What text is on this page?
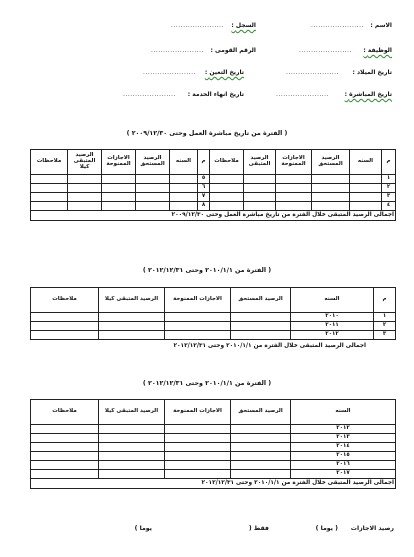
الاسم :
......................
السجل :
......................
الوظيفة :
......................
الرقم القومى :
......................
تاريخ الميلاد :
......................
تاريخ التعين :
......................
تاريخ المباشرة :
......................
تاريخ انهاء الخدمة :
......................
( الفترة من تاريخ مباشرة العمل وحتى ٢٠٠٩/١٢/٣٠ )
م	السنه	الرصيد المستحق	الاجازات الممنوحة	الرصيد المتبقى	ملاحظات	م	السنه	الرصيد المستحق	الاجازات الممنوحة	الرصيد المتبقى كيلا	ملاحظات
١						٥					
٢						٦					
٣						٧					
٤						٨					
اجمالى الرصيد المتبقى خلال الفترة من تاريخ مباشرة العمل وحتى ٢٠٠٩/١٢/٣٠											
( الفترة من ٢٠١٠/١/١ وحتى ٢٠١٢/١٢/٣١ )
م	السنه	الرصيد المستحق	الاجازات الممنوحة	الرصيد المتبقى كيلا	ملاحظات
١	٢٠١٠				
٢	٢٠١١				
٣	٢٠١٢				
اجمالى الرصيد المتبقى خلال الفترة من ٢٠١٠/١/١ وحتى ٢٠١٢/١٢/٣١
( الفترة من ٢٠١٠/١/١ وحتى ٢٠١٢/١٢/٣١ )
السنه	الرصيد المستحق	الاجازات الممنوحة	الرصيد المتبقى كيلا	ملاحظات
٢٠١٢				
٢٠١٣				
٢٠١٤				
٢٠١٥				
٢٠١٦				
٢٠١٧				
اجمالى الرصيد المتبقى خلال الفترة من ٢٠١٠/١/١ وحتى ٢٠١٢/١٢/٣١				
رصيد الاجازات
( يوما )
فقط (
يوما )
